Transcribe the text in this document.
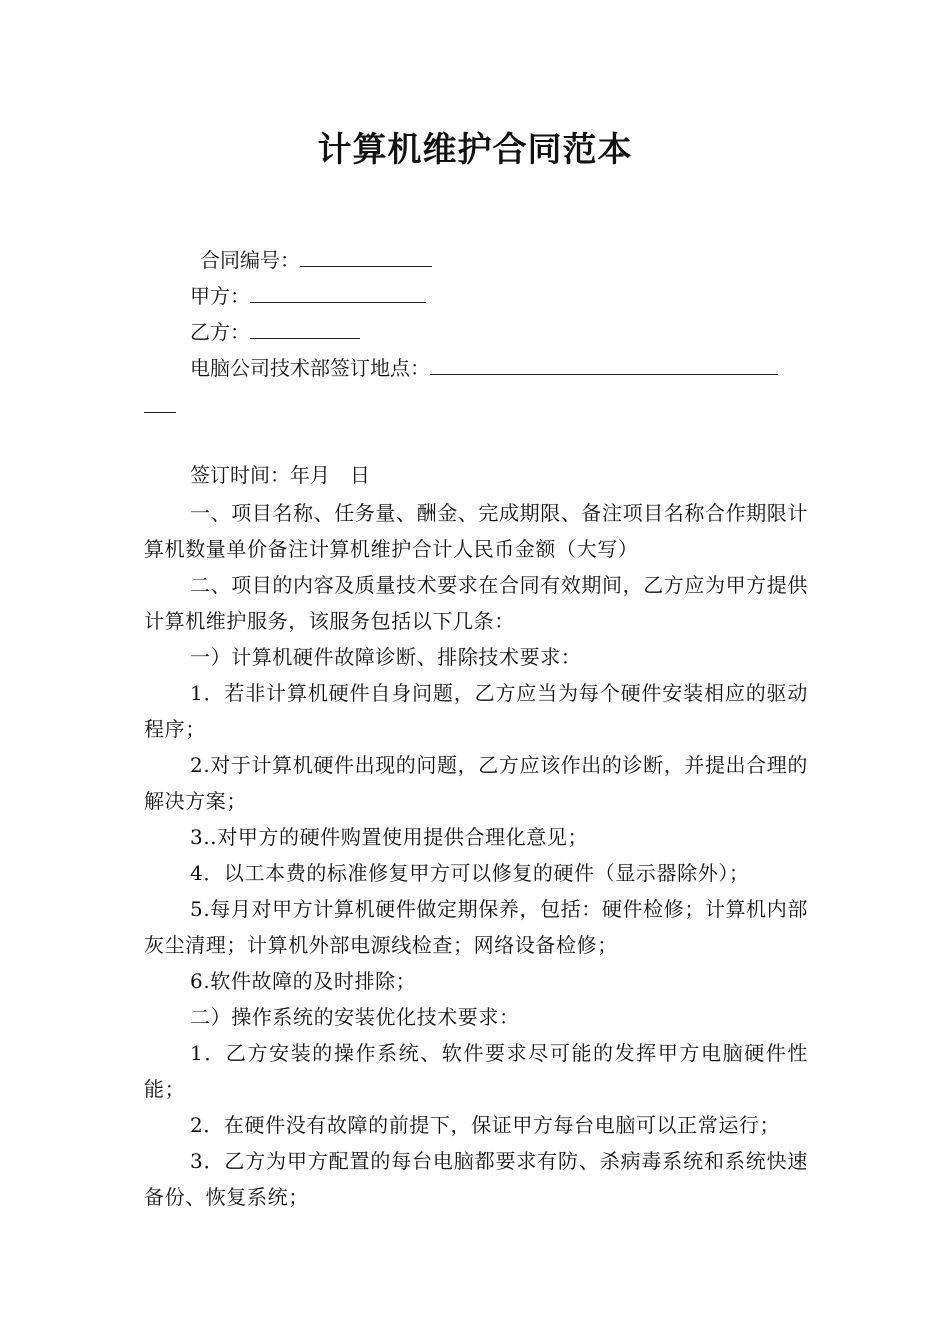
计算机维护合同范本
合同编号：
甲方：
乙方：
电脑公司技术部签订地点：
签订时间：年月　日
一、项目名称、任务量、酬金、完成期限、备注项目名称合作期限计算机数量单价备注计算机维护合计人民币金额（大写）
二、项目的内容及质量技术要求在合同有效期间，乙方应为甲方提供计算机维护服务，该服务包括以下几条：
一）计算机硬件故障诊断、排除技术要求：
1．若非计算机硬件自身问题，乙方应当为每个硬件安装相应的驱动程序；
2.对于计算机硬件出现的问题，乙方应该作出的诊断，并提出合理的解决方案；
3..对甲方的硬件购置使用提供合理化意见；
4．以工本费的标准修复甲方可以修复的硬件（显示器除外）；
5.每月对甲方计算机硬件做定期保养，包括：硬件检修；计算机内部灰尘清理；计算机外部电源线检查；网络设备检修；
6.软件故障的及时排除；
二）操作系统的安装优化技术要求：
1．乙方安装的操作系统、软件要求尽可能的发挥甲方电脑硬件性能；
2．在硬件没有故障的前提下，保证甲方每台电脑可以正常运行；
3．乙方为甲方配置的每台电脑都要求有防、杀病毒系统和系统快速备份、恢复系统；
